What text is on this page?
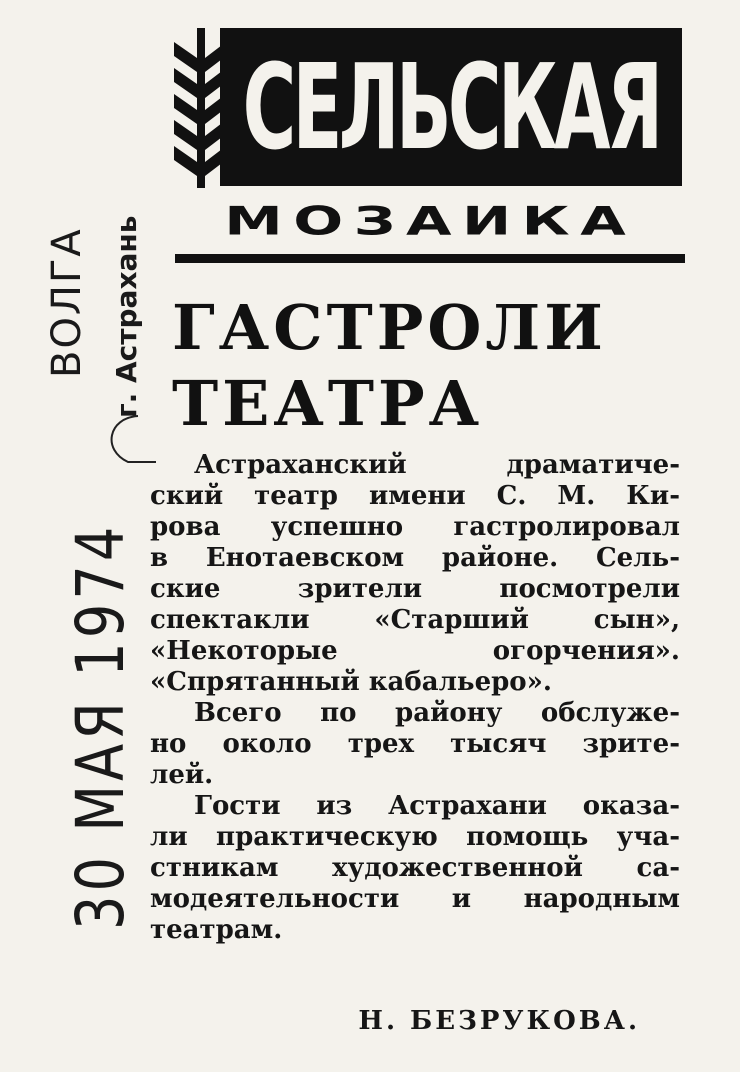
СЕЛЬСКАЯ
МОЗАИКА
ВОЛГА г. Астрахань
30 МАЯ 1974
ГАСТРОЛИ
ТЕАТРА
Астраханский драматиче-
ский театр имени С. М. Ки-
рова успешно гастролировал
в Енотаевском районе. Сель-
ские зрители посмотрели
спектакли «Старший сын»,
«Некоторые огорчения».
«Спрятанный кабальеро».
Всего по району обслуже-
но около трех тысяч зрите-
лей.
Гости из Астрахани оказа-
ли практическую помощь уча-
стникам художественной са-
модеятельности и народным
театрам.
Н. БЕЗРУКОВА.
